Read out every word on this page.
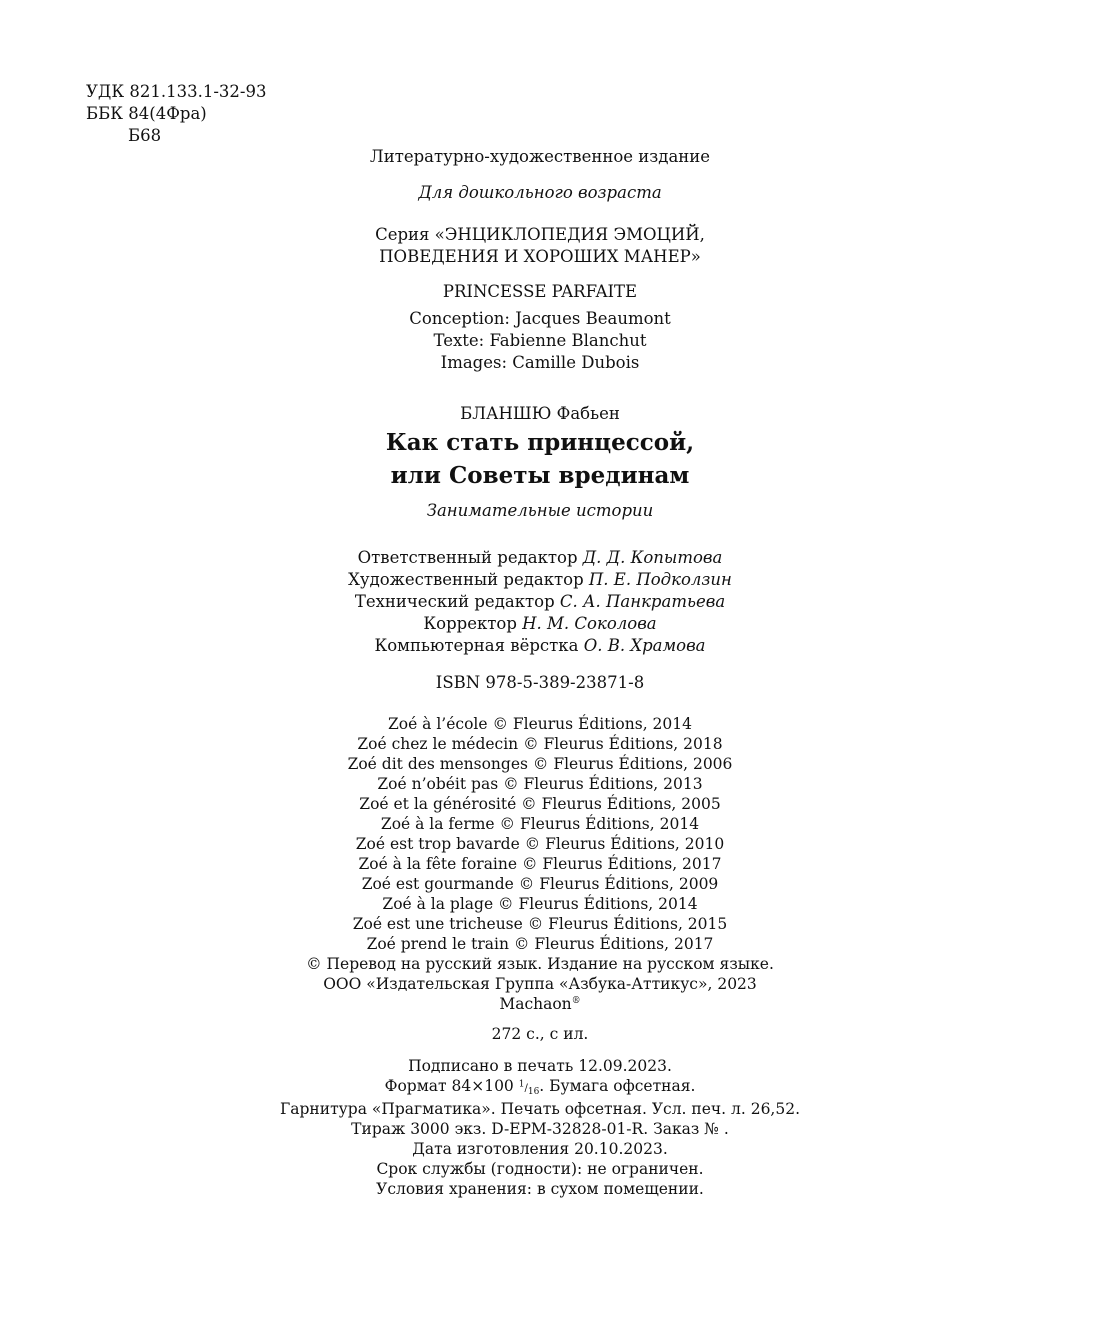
УДК 821.133.1-32-93
ББК 84(4Фра)
Б68
Литературно-художественное издание
Для дошкольного возраста
Серия «ЭНЦИКЛОПЕДИЯ ЭМОЦИЙ,
ПОВЕДЕНИЯ И ХОРОШИХ МАНЕР»
PRINCESSE PARFAITE
Conception: Jacques Beaumont
Texte: Fabienne Blanchut
Images: Camille Dubois
БЛАНШЮ Фабьен
Как стать принцессой,
или Советы врединам
Занимательные истории
Ответственный редактор Д. Д. Копытова
Художественный редактор П. Е. Подколзин
Технический редактор С. А. Панкратьева
Корректор Н. М. Соколова
Компьютерная вёрстка О. В. Храмова
ISBN 978-5-389-23871-8
Zoé à l’école © Fleurus Éditions, 2014
Zoé chez le médecin © Fleurus Éditions, 2018
Zoé dit des mensonges © Fleurus Éditions, 2006
Zoé n’obéit pas © Fleurus Éditions, 2013
Zoé et la générosité © Fleurus Éditions, 2005
Zoé à la ferme © Fleurus Éditions, 2014
Zoé est trop bavarde © Fleurus Éditions, 2010
Zoé à la fête foraine © Fleurus Éditions, 2017
Zoé est gourmande © Fleurus Éditions, 2009
Zoé à la plage © Fleurus Éditions, 2014
Zoé est une tricheuse © Fleurus Éditions, 2015
Zoé prend le train © Fleurus Éditions, 2017
© Перевод на русский язык. Издание на русском языке.
ООО «Издательская Группа «Азбука-Аттикус», 2023
Machaon®
272 с., с ил.
Подписано в печать 12.09.2023.
Формат 84×100 $^1/_{16}$. Бумага офсетная.
Гарнитура «Прагматика». Печать офсетная. Усл. печ. л. 26,52.
Тираж 3000 экз. D-EPM-32828-01-R. Заказ № .
Дата изготовления 20.10.2023.
Срок службы (годности): не ограничен.
Условия хранения: в сухом помещении.
